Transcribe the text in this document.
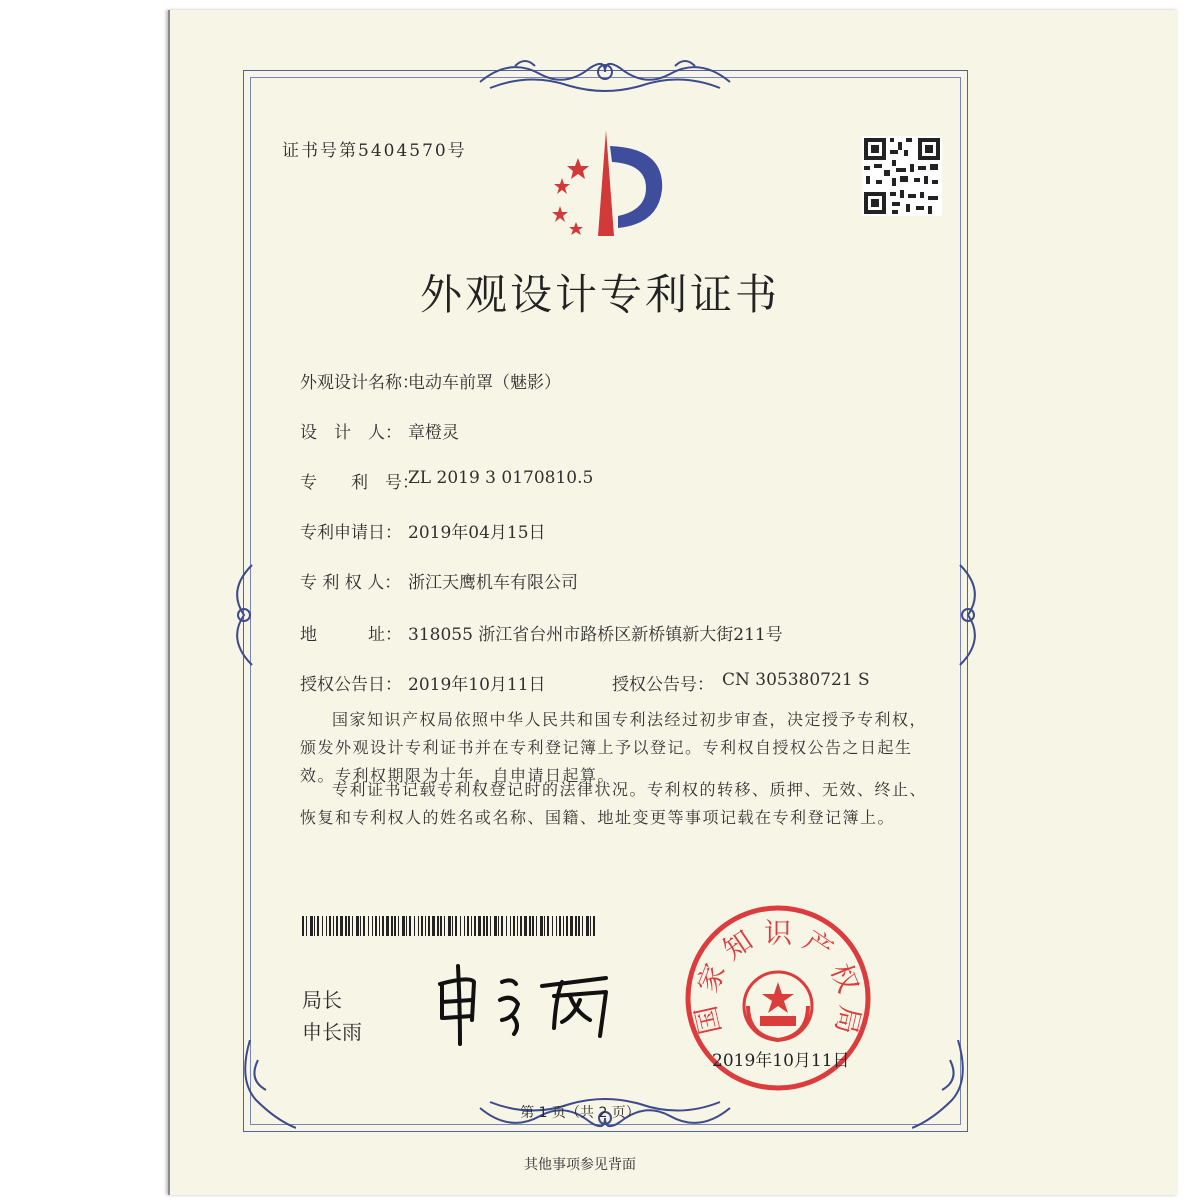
证书号第5404570号
外观设计专利证书
外观设计名称：
电动车前罩（魅影）
设　计　人： 章橙灵
专　　利　号：
ZL 2019 3 0170810.5
专利申请日： 2019年04月15日
专 利 权 人： 浙江天鹰机车有限公司
地　　　址： 318055 浙江省台州市路桥区新桥镇新大街211号
授权公告日： 2019年10月11日	授权公告号： CN 305380721 S
国家知识产权局依照中华人民共和国专利法经过初步审查，决定授予专利权，颁发外观设计专利证书并在专利登记簿上予以登记。专利权自授权公告之日起生效。专利权期限为十年，自申请日起算。
专利证书记载专利权登记时的法律状况。专利权的转移、质押、无效、终止、恢复和专利权人的姓名或名称、国籍、地址变更等事项记载在专利登记簿上。
局长
申长雨	国 家 知 识 产 权 局
2019年10月11日
第 1 页（共 2 页）
其他事项参见背面
